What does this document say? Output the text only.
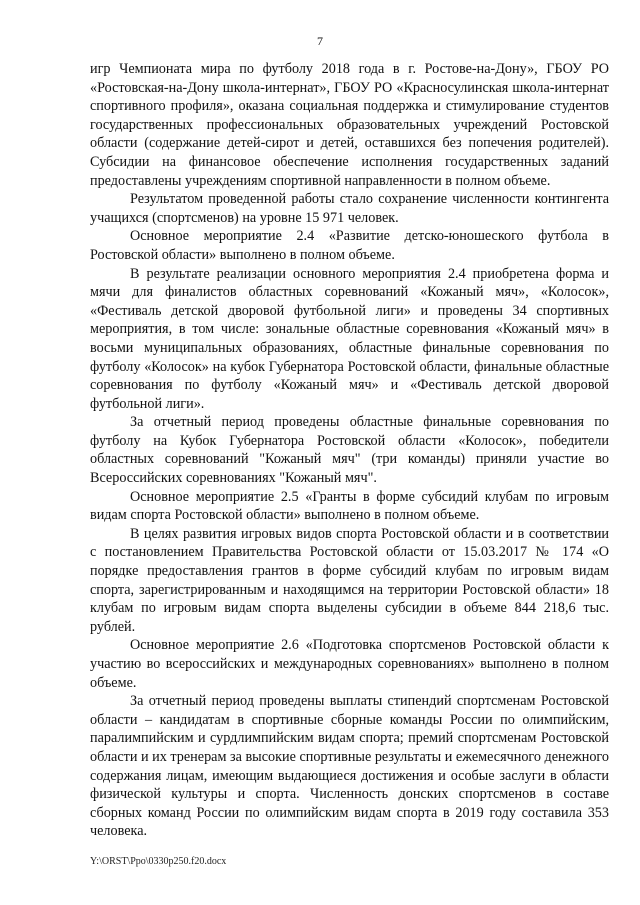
7

игр Чемпионата мира по футболу 2018 года в г. Ростове-на-Дону», ГБОУ РО «Ростовская-на-Дону школа-интернат», ГБОУ РО «Красносулинская школа-интернат спортивного профиля», оказана социальная поддержка и стимулирование студентов государственных профессиональных образовательных учреждений Ростовской области (содержание детей-сирот и детей, оставшихся без попечения родителей). Субсидии на финансовое обеспечение исполнения государственных заданий предоставлены учреждениям спортивной направленности в полном объеме.

Результатом проведенной работы стало сохранение численности контингента учащихся (спортсменов) на уровне 15 971 человек.

Основное мероприятие 2.4 «Развитие детско-юношеского футбола в Ростовской области» выполнено в полном объеме.

В результате реализации основного мероприятия 2.4 приобретена форма и мячи для финалистов областных соревнований «Кожаный мяч», «Колосок», «Фестиваль детской дворовой футбольной лиги» и проведены 34 спортивных мероприятия, в том числе: зональные областные соревнования «Кожаный мяч» в восьми муниципальных образованиях, областные финальные соревнования по футболу «Колосок» на кубок Губернатора Ростовской области, финальные областные соревнования по футболу «Кожаный мяч» и «Фестиваль детской дворовой футбольной лиги».

За отчетный период проведены областные финальные соревнования по футболу на Кубок Губернатора Ростовской области «Колосок», победители областных соревнований "Кожаный мяч" (три команды) приняли участие во Всероссийских соревнованиях "Кожаный мяч".

Основное мероприятие 2.5 «Гранты в форме субсидий клубам по игровым видам спорта Ростовской области» выполнено в полном объеме.

В целях развития игровых видов спорта Ростовской области и в соответствии с постановлением Правительства Ростовской области от 15.03.2017 № 174 «О порядке предоставления грантов в форме субсидий клубам по игровым видам спорта, зарегистрированным и находящимся на территории Ростовской области» 18 клубам по игровым видам спорта выделены субсидии в объеме 844 218,6 тыс. рублей.

Основное мероприятие 2.6 «Подготовка спортсменов Ростовской области к участию во всероссийских и международных соревнованиях» выполнено в полном объеме.

За отчетный период проведены выплаты стипендий спортсменам Ростовской области – кандидатам в спортивные сборные команды России по олимпийским, паралимпийским и сурдлимпийским видам спорта; премий спортсменам Ростовской области и их тренерам за высокие спортивные результаты и ежемесячного денежного содержания лицам, имеющим выдающиеся достижения и особые заслуги в области физической культуры и спорта. Численность донских спортсменов в составе сборных команд России по олимпийским видам спорта в 2019 году составила 353 человека.

Y:\ORST\Ppo\0330p250.f20.docx
